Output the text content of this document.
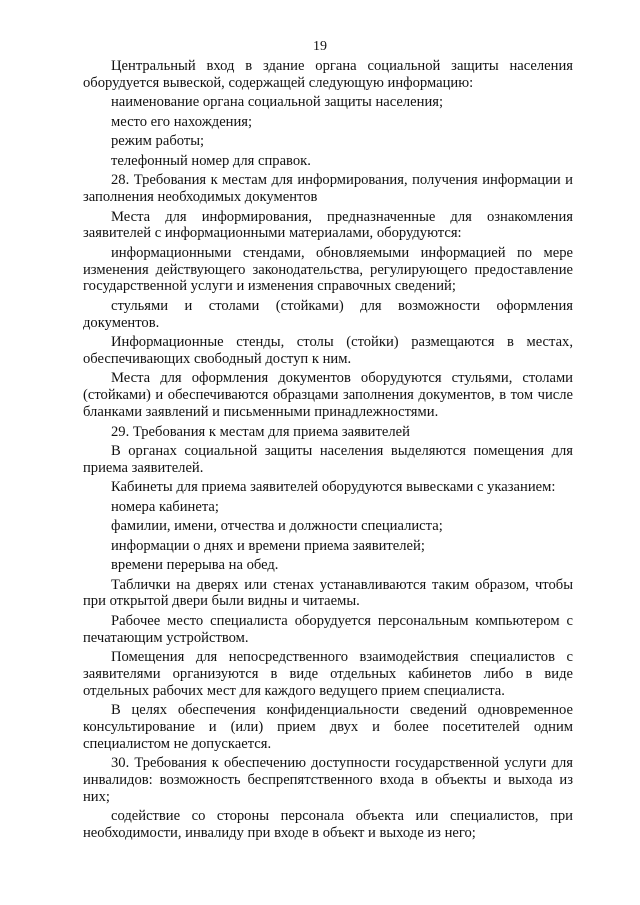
19

Центральный вход в здание органа социальной защиты населения оборудуется вывеской, содержащей следующую информацию:

наименование органа социальной защиты населения;

место его нахождения;

режим работы;

телефонный номер для справок.

28. Требования к местам для информирования, получения информации и заполнения необходимых документов

Места для информирования, предназначенные для ознакомления заявителей с информационными материалами, оборудуются:

информационными стендами, обновляемыми информацией по мере изменения действующего законодательства, регулирующего предоставление государственной услуги и изменения справочных сведений;

стульями и столами (стойками) для возможности оформления документов.

Информационные стенды, столы (стойки) размещаются в местах, обеспечивающих свободный доступ к ним.

Места для оформления документов оборудуются стульями, столами (стойками) и обеспечиваются образцами заполнения документов, в том числе бланками заявлений и письменными принадлежностями.

29. Требования к местам для приема заявителей

В органах социальной защиты населения выделяются помещения для приема заявителей.

Кабинеты для приема заявителей оборудуются вывесками с указанием:

номера кабинета;

фамилии, имени, отчества и должности специалиста;

информации о днях и времени приема заявителей;

времени перерыва на обед.

Таблички на дверях или стенах устанавливаются таким образом, чтобы при открытой двери были видны и читаемы.

Рабочее место специалиста оборудуется персональным компьютером с печатающим устройством.

Помещения для непосредственного взаимодействия специалистов с заявителями организуются в виде отдельных кабинетов либо в виде отдельных рабочих мест для каждого ведущего прием специалиста.

В целях обеспечения конфиденциальности сведений одновременное консультирование и (или) прием двух и более посетителей одним специалистом не допускается.

30. Требования к обеспечению доступности государственной услуги для инвалидов: возможность беспрепятственного входа в объекты и выхода из них;

содействие со стороны персонала объекта или специалистов, при необходимости, инвалиду при входе в объект и выходе из него;
